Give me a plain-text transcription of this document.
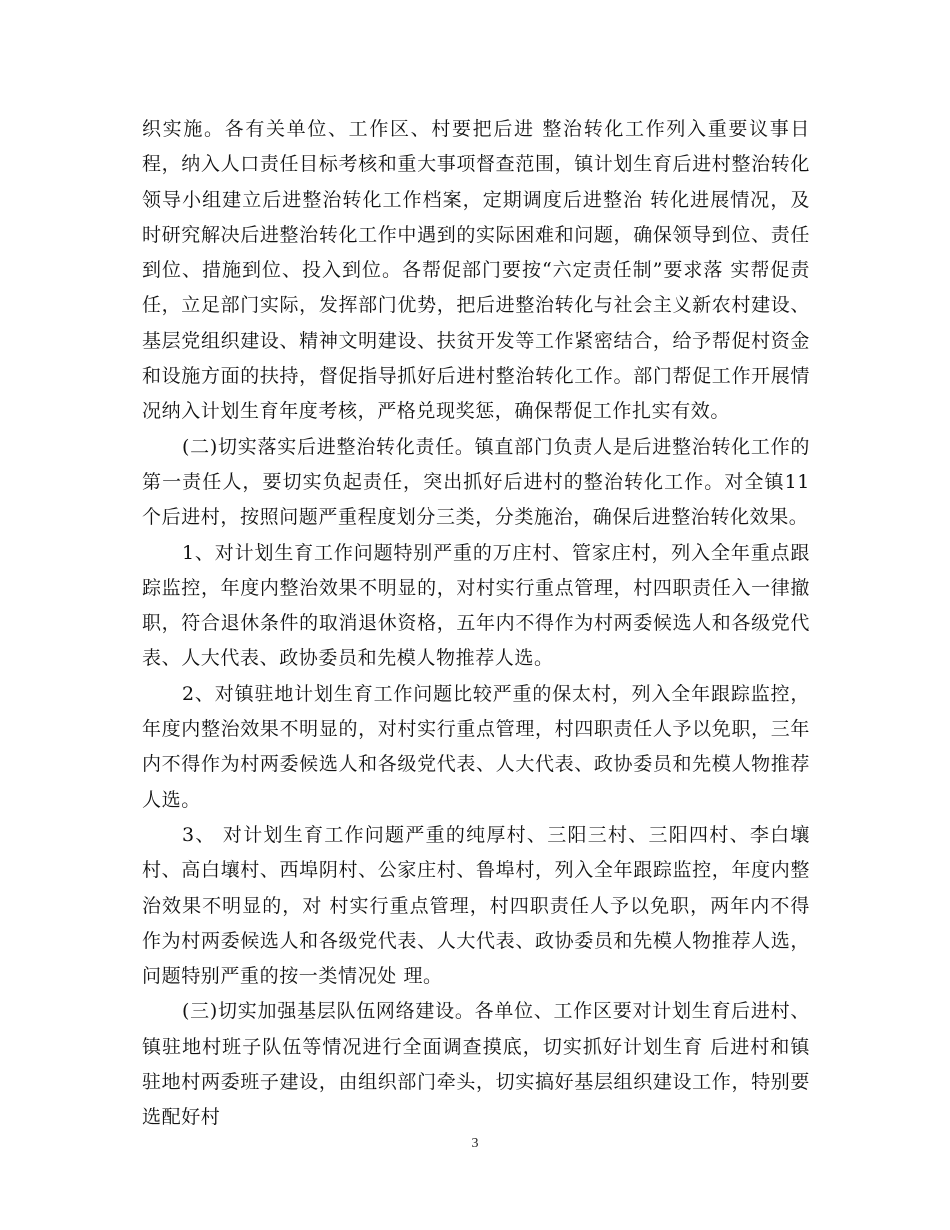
织实施。各有关单位、工作区、村要把后进 整治转化工作列入重要议事日程，纳入人口责任目标考核和重大事项督查范围，镇计划生育后进村整治转化领导小组建立后进整治转化工作档案，定期调度后进整治 转化进展情况，及时研究解决后进整治转化工作中遇到的实际困难和问题，确保领导到位、责任到位、措施到位、投入到位。各帮促部门要按“六定责任制”要求落 实帮促责任，立足部门实际，发挥部门优势，把后进整治转化与社会主义新农村建设、基层党组织建设、精神文明建设、扶贫开发等工作紧密结合，给予帮促村资金 和设施方面的扶持，督促指导抓好后进村整治转化工作。部门帮促工作开展情况纳入计划生育年度考核，严格兑现奖惩，确保帮促工作扎实有效。

(二)切实落实后进整治转化责任。镇直部门负责人是后进整治转化工作的第一责任人，要切实负起责任，突出抓好后进村的整治转化工作。对全镇11个后进村，按照问题严重程度划分三类，分类施治，确保后进整治转化效果。

1、对计划生育工作问题特别严重的万庄村、管家庄村，列入全年重点跟踪监控，年度内整治效果不明显的，对村实行重点管理，村四职责任入一律撤职，符合退休条件的取消退休资格，五年内不得作为村两委候选人和各级党代表、人大代表、政协委员和先模人物推荐人选。

2、对镇驻地计划生育工作问题比较严重的保太村，列入全年跟踪监控，年度内整治效果不明显的，对村实行重点管理，村四职责任人予以免职，三年内不得作为村两委候选人和各级党代表、人大代表、政协委员和先模人物推荐人选。

3、 对计划生育工作问题严重的纯厚村、三阳三村、三阳四村、李白壤村、高白壤村、西埠阴村、公家庄村、鲁埠村，列入全年跟踪监控，年度内整治效果不明显的，对 村实行重点管理，村四职责任人予以免职，两年内不得作为村两委候选人和各级党代表、人大代表、政协委员和先模人物推荐人选，问题特别严重的按一类情况处 理。

(三)切实加强基层队伍网络建设。各单位、工作区要对计划生育后进村、镇驻地村班子队伍等情况进行全面调查摸底，切实抓好计划生育 后进村和镇驻地村两委班子建设，由组织部门牵头，切实搞好基层组织建设工作，特别要选配好村

3
